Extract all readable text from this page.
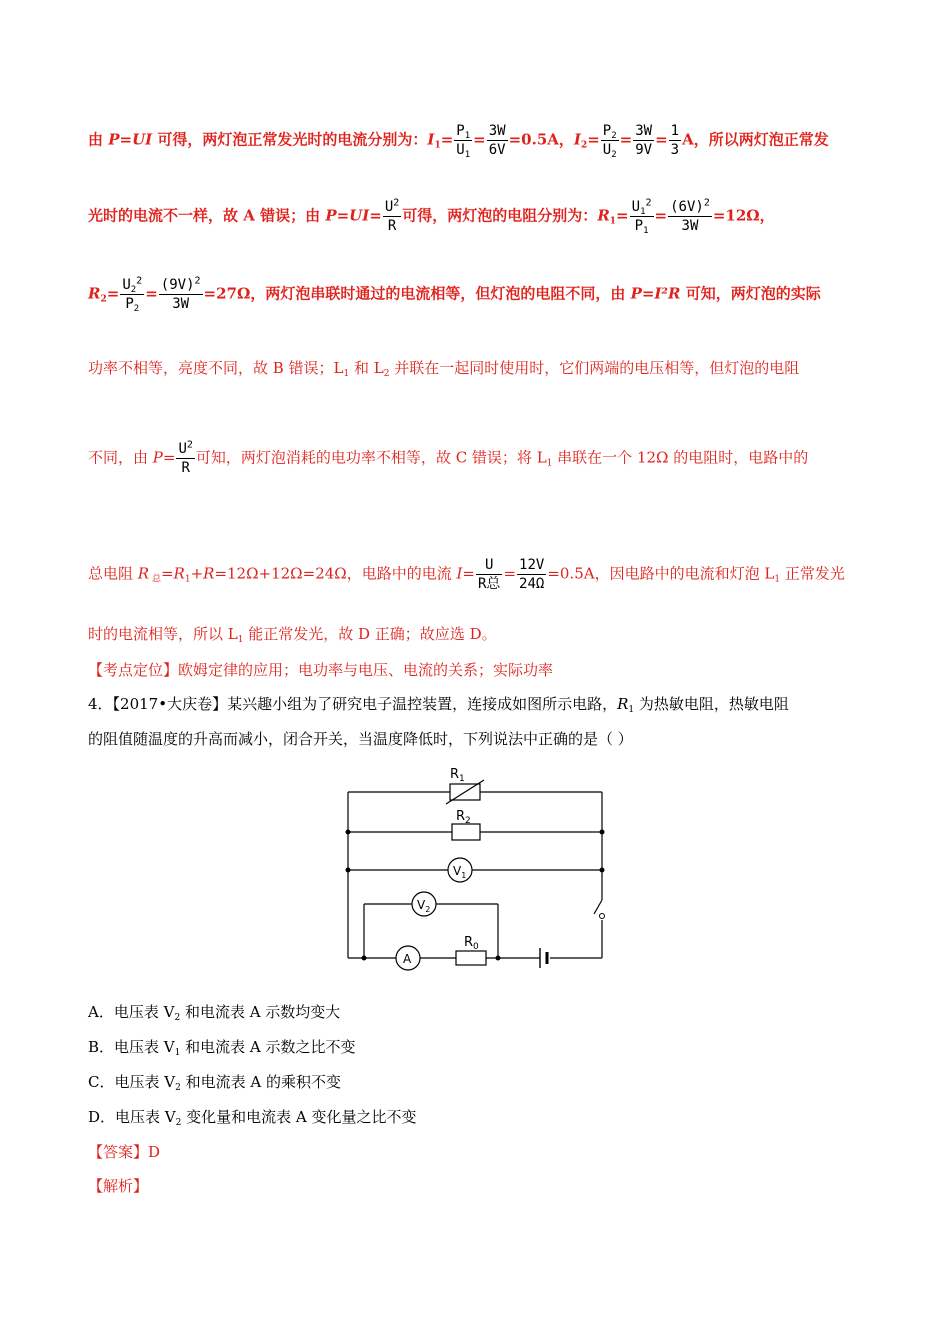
由 P=UI 可得，两灯泡正常发光时的电流分别为：$I_1= \frac{P_1}{U_1} = \frac{3W}{6V} =0.5A$，$I_2= \frac{P_2}{U_2} = \frac{3W}{9V} = \frac{1}{3}$ A，所以两灯泡正常发
光时的电流不一样，故 A 错误；由 $P=UI= \frac{U^2}{R}$ 可得，两灯泡的电阻分别为：$R_1= \frac{U_1^2}{P_1} = \frac{(6V)^2}{3W} =12\Omega$，
$R_2= \frac{U_2^2}{P_2} = \frac{(9V)^2}{3W} =27\Omega$，两灯泡串联时通过的电流相等，但灯泡的电阻不同，由 P=I²R 可知，两灯泡的实际
功率不相等，亮度不同，故 B 错误；$L_1$ 和 $L_2$ 并联在一起同时使用时，它们两端的电压相等，但灯泡的电阻
不同，由 $P= \frac{U^2}{R}$ 可知，两灯泡消耗的电功率不相等，故 C 错误；将 $L_1$ 串联在一个 12Ω 的电阻时，电路中的
总电阻 R $_总=R_1+R=12\Omega+12\Omega=24\Omega$，电路中的电流 $I= \frac{U}{\text{R总}} = \frac{12V}{24\Omega} =0.5A$，因电路中的电流和灯泡 $L_1$ 正常发光
时的电流相等，所以 $L_1$ 能正常发光，故 D 正确；故应选 D。
【考点定位】欧姆定律的应用；电功率与电压、电流的关系；实际功率
4．【2017•大庆卷】某兴趣小组为了研究电子温控装置，连接成如图所示电路，$R_1$ 为热敏电阻，热敏电阻
的阻值随温度的升高而减小，闭合开关，当温度降低时，下列说法中正确的是（ ）
$R_1$
$R_2$
$V_1$
$V_2$
A
$R_0$
A．电压表 $V_2$ 和电流表 A 示数均变大
B．电压表 $V_1$ 和电流表 A 示数之比不变
C．电压表 $V_2$ 和电流表 A 的乘积不变
D．电压表 $V_2$ 变化量和电流表 A 变化量之比不变
【答案】D
【解析】
